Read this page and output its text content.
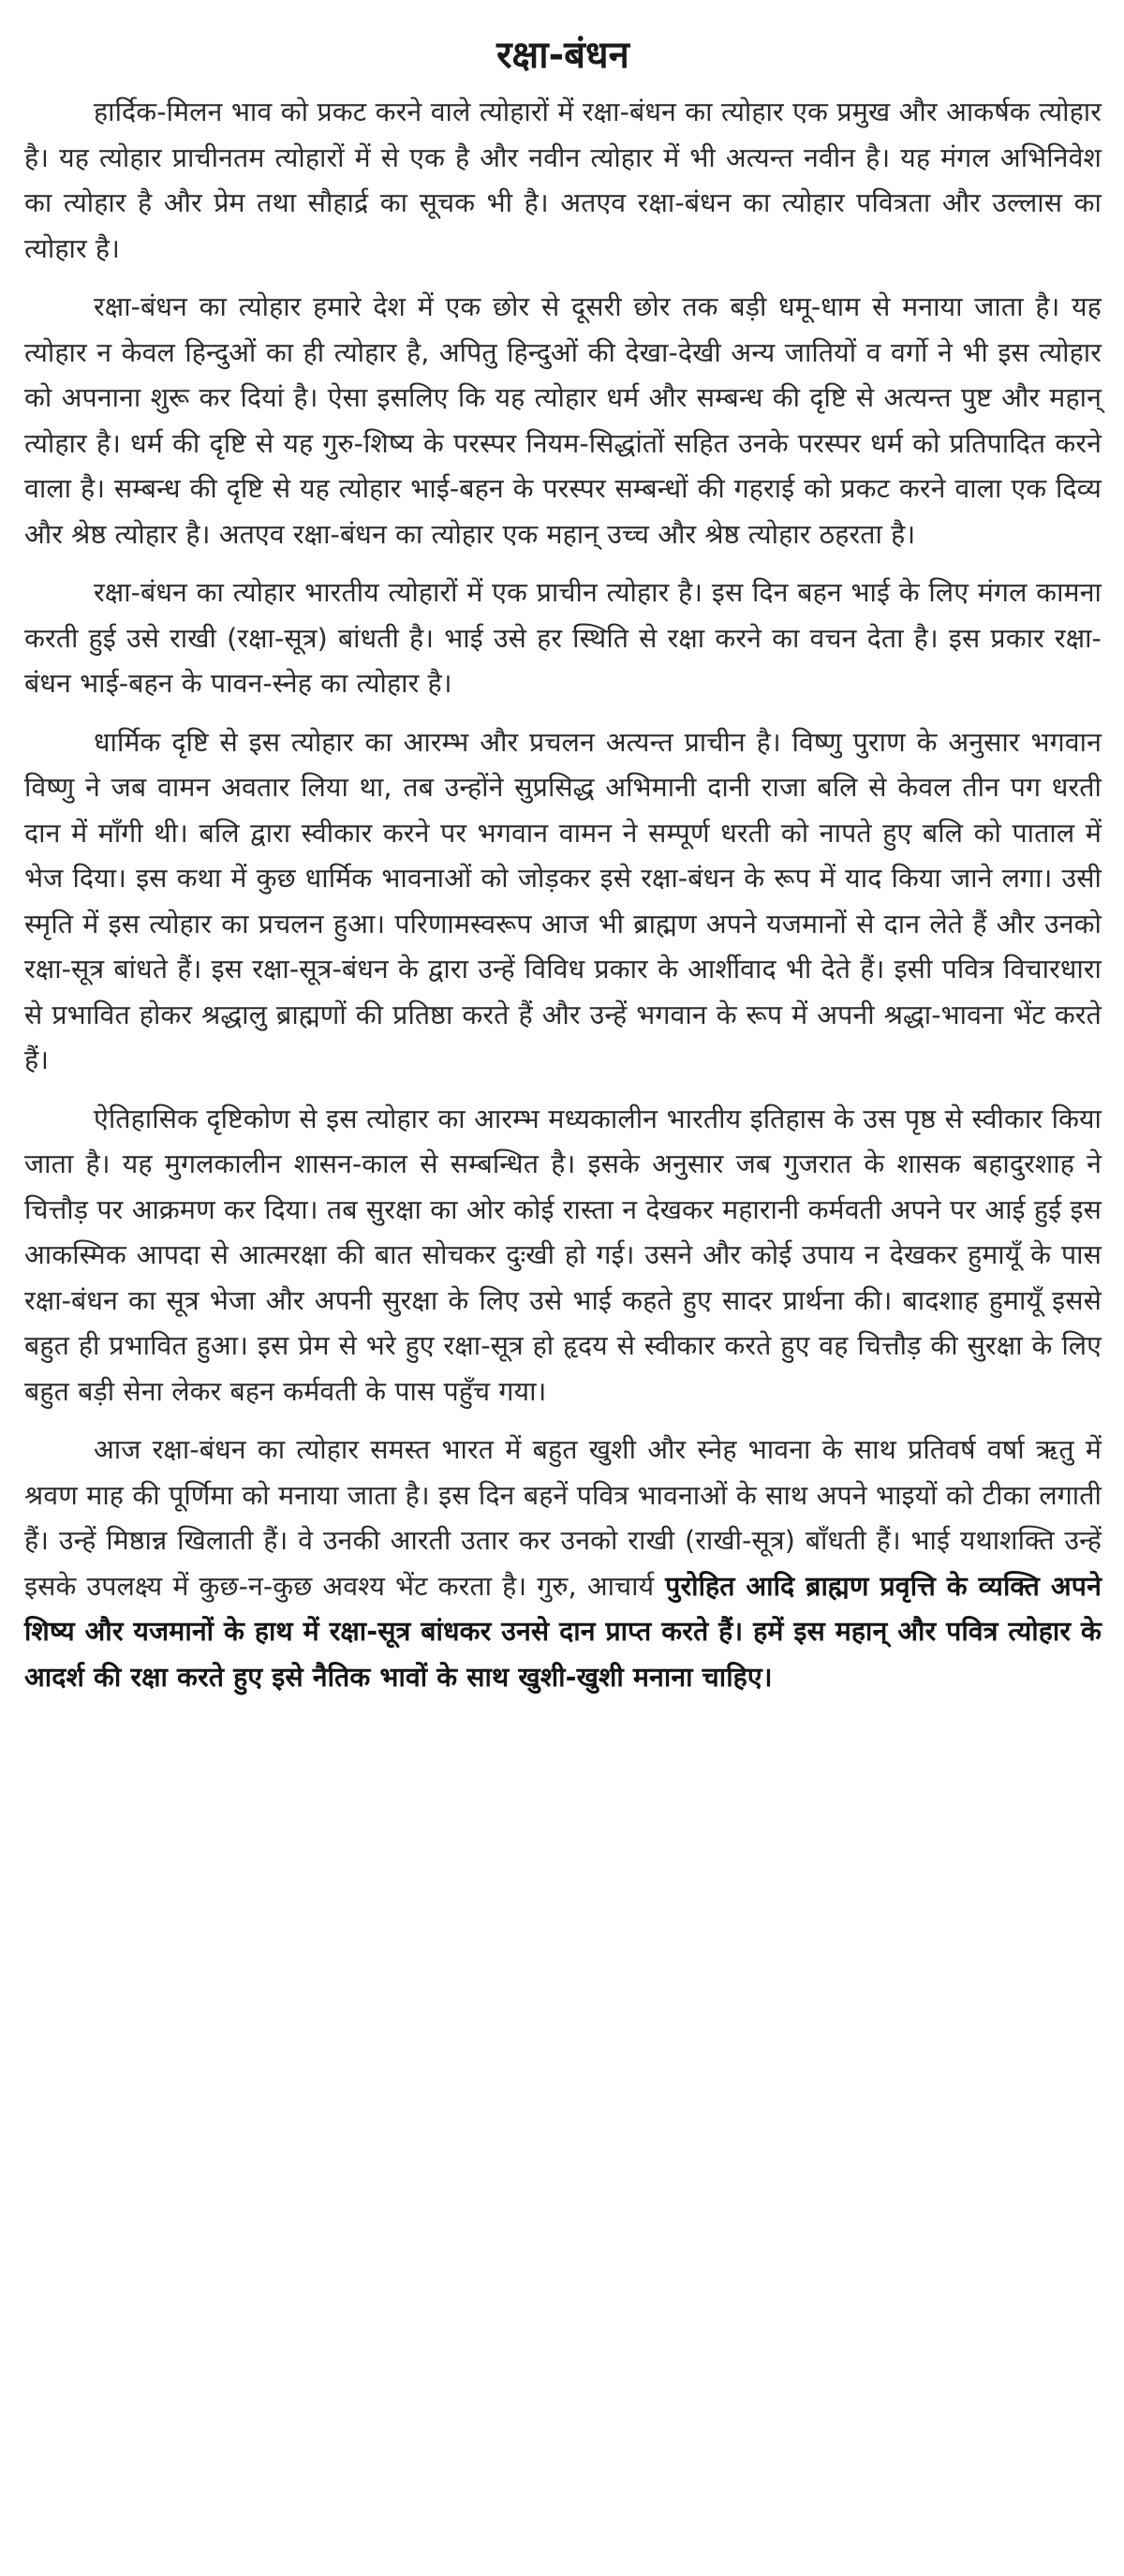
रक्षा-बंधन

हार्दिक-मिलन भाव को प्रकट करने वाले त्योहारों में रक्षा-बंधन का त्योहार एक प्रमुख और आकर्षक त्योहार है। यह त्योहार प्राचीनतम त्योहारों में से एक है और नवीन त्योहार में भी अत्यन्त नवीन है। यह मंगल अभिनिवेश का त्योहार है और प्रेम तथा सौहार्द्र का सूचक भी है। अतएव रक्षा-बंधन का त्योहार पवित्रता और उल्लास का त्योहार है।

रक्षा-बंधन का त्योहार हमारे देश में एक छोर से दूसरी छोर तक बड़ी धमू-धाम से मनाया जाता है। यह त्योहार न केवल हिन्दुओं का ही त्योहार है, अपितु हिन्दुओं की देखा-देखी अन्य जातियों व वर्गो ने भी इस त्योहार को अपनाना शुरू कर दियां है। ऐसा इसलिए कि यह त्योहार धर्म और सम्बन्ध की दृष्टि से अत्यन्त पुष्ट और महान् त्योहार है। धर्म की दृष्टि से यह गुरु-शिष्य के परस्पर नियम-सिद्धांतों सहित उनके परस्पर धर्म को प्रतिपादित करने वाला है। सम्बन्ध की दृष्टि से यह त्योहार भाई-बहन के परस्पर सम्बन्धों की गहराई को प्रकट करने वाला एक दिव्य और श्रेष्ठ त्योहार है। अतएव रक्षा-बंधन का त्योहार एक महान् उच्च और श्रेष्ठ त्योहार ठहरता है।

रक्षा-बंधन का त्योहार भारतीय त्योहारों में एक प्राचीन त्योहार है। इस दिन बहन भाई के लिए मंगल कामना करती हुई उसे राखी (रक्षा-सूत्र) बांधती है। भाई उसे हर स्थिति से रक्षा करने का वचन देता है। इस प्रकार रक्षा-बंधन भाई-बहन के पावन-स्नेह का त्योहार है।

धार्मिक दृष्टि से इस त्योहार का आरम्भ और प्रचलन अत्यन्त प्राचीन है। विष्णु पुराण के अनुसार भगवान विष्णु ने जब वामन अवतार लिया था, तब उन्होंने सुप्रसिद्ध अभिमानी दानी राजा बलि से केवल तीन पग धरती दान में माँगी थी। बलि द्वारा स्वीकार करने पर भगवान वामन ने सम्पूर्ण धरती को नापते हुए बलि को पाताल में भेज दिया। इस कथा में कुछ धार्मिक भावनाओं को जोड़कर इसे रक्षा-बंधन के रूप में याद किया जाने लगा। उसी स्मृति में इस त्योहार का प्रचलन हुआ। परिणामस्वरूप आज भी ब्राह्मण अपने यजमानों से दान लेते हैं और उनको रक्षा-सूत्र बांधते हैं। इस रक्षा-सूत्र-बंधन के द्वारा उन्हें विविध प्रकार के आर्शीवाद भी देते हैं। इसी पवित्र विचारधारा से प्रभावित होकर श्रद्धालु ब्राह्मणों की प्रतिष्ठा करते हैं और उन्हें भगवान के रूप में अपनी श्रद्धा-भावना भेंट करते हैं।

ऐतिहासिक दृष्टिकोण से इस त्योहार का आरम्भ मध्यकालीन भारतीय इतिहास के उस पृष्ठ से स्वीकार किया जाता है। यह मुगलकालीन शासन-काल से सम्बन्धित है। इसके अनुसार जब गुजरात के शासक बहादुरशाह ने चित्तौड़ पर आक्रमण कर दिया। तब सुरक्षा का ओर कोई रास्ता न देखकर महारानी कर्मवती अपने पर आई हुई इस आकस्मिक आपदा से आत्मरक्षा की बात सोचकर दुःखी हो गई। उसने और कोई उपाय न देखकर हुमायूँ के पास रक्षा-बंधन का सूत्र भेजा और अपनी सुरक्षा के लिए उसे भाई कहते हुए सादर प्रार्थना की। बादशाह हुमायूँ इससे बहुत ही प्रभावित हुआ। इस प्रेम से भरे हुए रक्षा-सूत्र हो हृदय से स्वीकार करते हुए वह चित्तौड़ की सुरक्षा के लिए बहुत बड़ी सेना लेकर बहन कर्मवती के पास पहुँच गया।

आज रक्षा-बंधन का त्योहार समस्त भारत में बहुत खुशी और स्नेह भावना के साथ प्रतिवर्ष वर्षा ऋतु में श्रवण माह की पूर्णिमा को मनाया जाता है। इस दिन बहनें पवित्र भावनाओं के साथ अपने भाइयों को टीका लगाती हैं। उन्हें मिष्ठान्न खिलाती हैं। वे उनकी आरती उतार कर उनको राखी (राखी-सूत्र) बाँधती हैं। भाई यथाशक्ति उन्हें इसके उपलक्ष्य में कुछ-न-कुछ अवश्य भेंट करता है। गुरु, आचार्य पुरोहित आदि ब्राह्मण प्रवृत्ति के व्यक्ति अपने शिष्य और यजमानों के हाथ में रक्षा-सूत्र बांधकर उनसे दान प्राप्त करते हैं। हमें इस महान् और पवित्र त्योहार के आदर्श की रक्षा करते हुए इसे नैतिक भावों के साथ खुशी-खुशी मनाना चाहिए।
